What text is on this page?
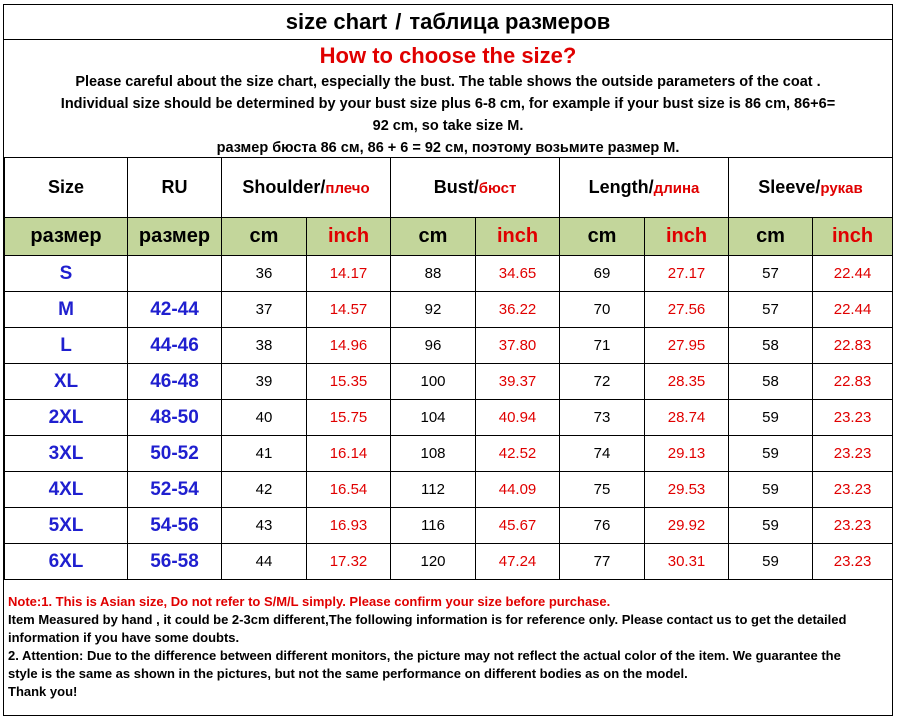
size chart / таблица размеров
How to choose the size?
Please careful about the size chart, especially the bust. The table shows the outside parameters of the coat .
Individual size should be determined by your bust size plus 6-8 cm, for example if your bust size is 86 cm, 86+6=
92 cm, so take size M.
размер бюста 86 см, 86 + 6 = 92 см, поэтому возьмите размер М.
Size	RU	Shoulder/плечо		Bust/бюст		Length/длина		Sleeve/рукав	
размер	размер	cm	inch	cm	inch	cm	inch	cm	inch
S		36	14.17	88	34.65	69	27.17	57	22.44
M	42-44	37	14.57	92	36.22	70	27.56	57	22.44
L	44-46	38	14.96	96	37.80	71	27.95	58	22.83
XL	46-48	39	15.35	100	39.37	72	28.35	58	22.83
2XL	48-50	40	15.75	104	40.94	73	28.74	59	23.23
3XL	50-52	41	16.14	108	42.52	74	29.13	59	23.23
4XL	52-54	42	16.54	112	44.09	75	29.53	59	23.23
5XL	54-56	43	16.93	116	45.67	76	29.92	59	23.23
6XL	56-58	44	17.32	120	47.24	77	30.31	59	23.23
Note:1. This is Asian size, Do not refer to S/M/L simply. Please confirm your size before purchase.
Item Measured by hand , it could be 2-3cm different,The following information is for reference only. Please contact us to get the detailed
information if you have some doubts.
2. Attention: Due to the difference between different monitors, the picture may not reflect the actual color of the item. We guarantee the
style is the same as shown in the pictures, but not the same performance on different bodies as on the model.
Thank you!
